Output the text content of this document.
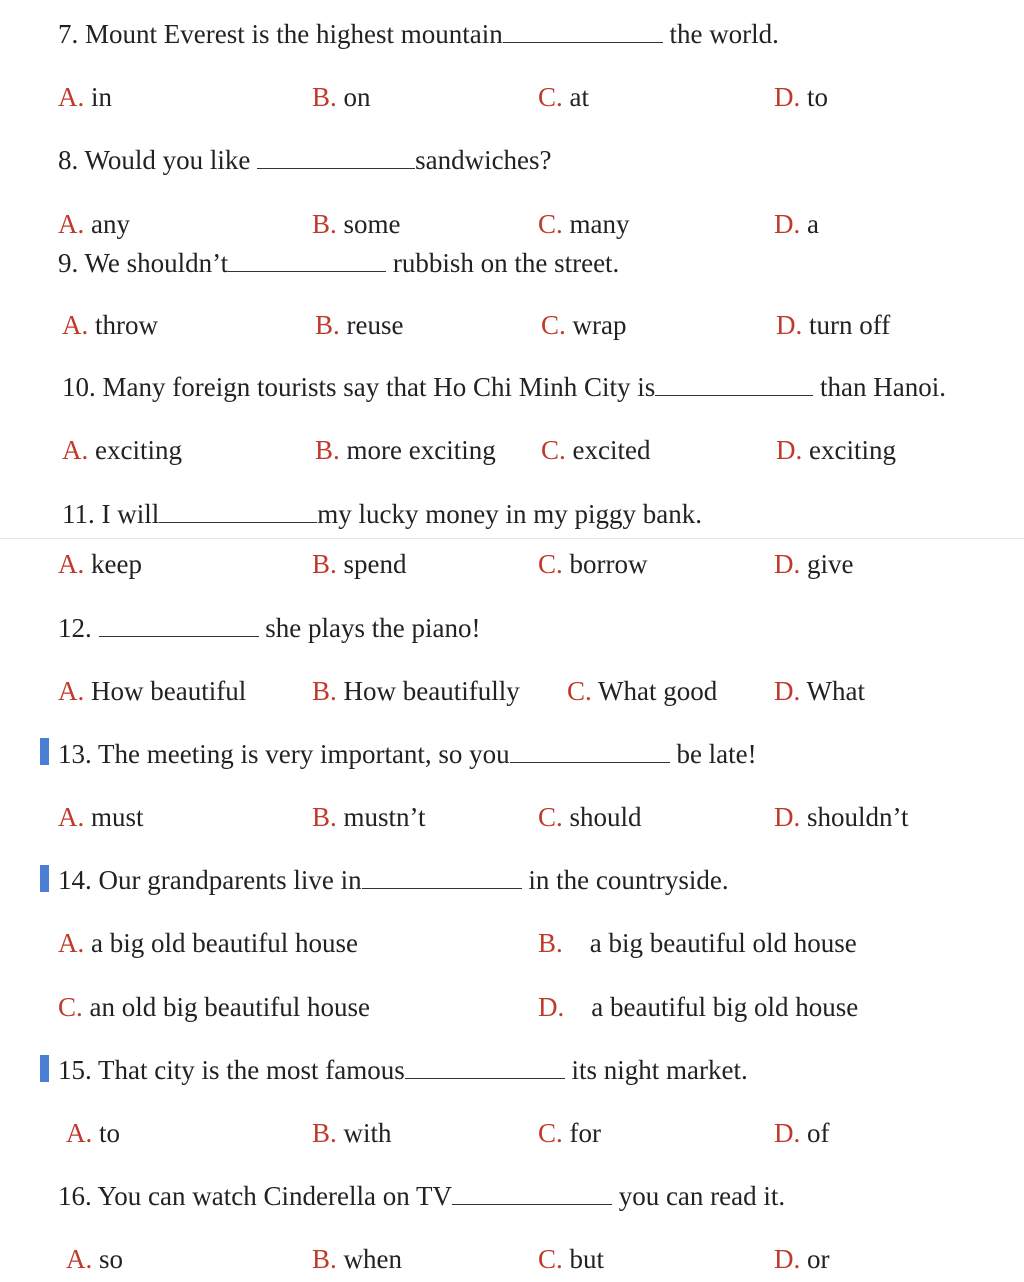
7. Mount Everest is the highest mountain	the world.
A. in	B. on	C. at	D. to
8. Would you like	sandwiches?
A. any	B. some	C. many	D. a
9. We shouldn’t	rubbish on the street.
A. throw	B. reuse	C. wrap	D. turn off
10. Many foreign tourists say that Ho Chi Minh City is	than Hanoi.
A. exciting	B. more exciting C. excited	D. exciting
11. I will	my lucky money in my piggy bank.
A. keep	B. spend	C. borrow	D. give
12.	she plays the piano!
A. How beautiful B. How beautifully C. What good D. What
13. The meeting is very important, so you	be late!
A. must	B. mustn’t	C. should	D. shouldn’t
14. Our grandparents live in	in the countryside.
A. a big old beautiful house	B. a big beautiful old house
C. an old big beautiful house	D. a beautiful big old house
15. That city is the most famous	its night market.
A. to	B. with	C. for	D. of
16. You can watch Cinderella on TV	you can read it.
A. so	B. when	C. but	D. or
